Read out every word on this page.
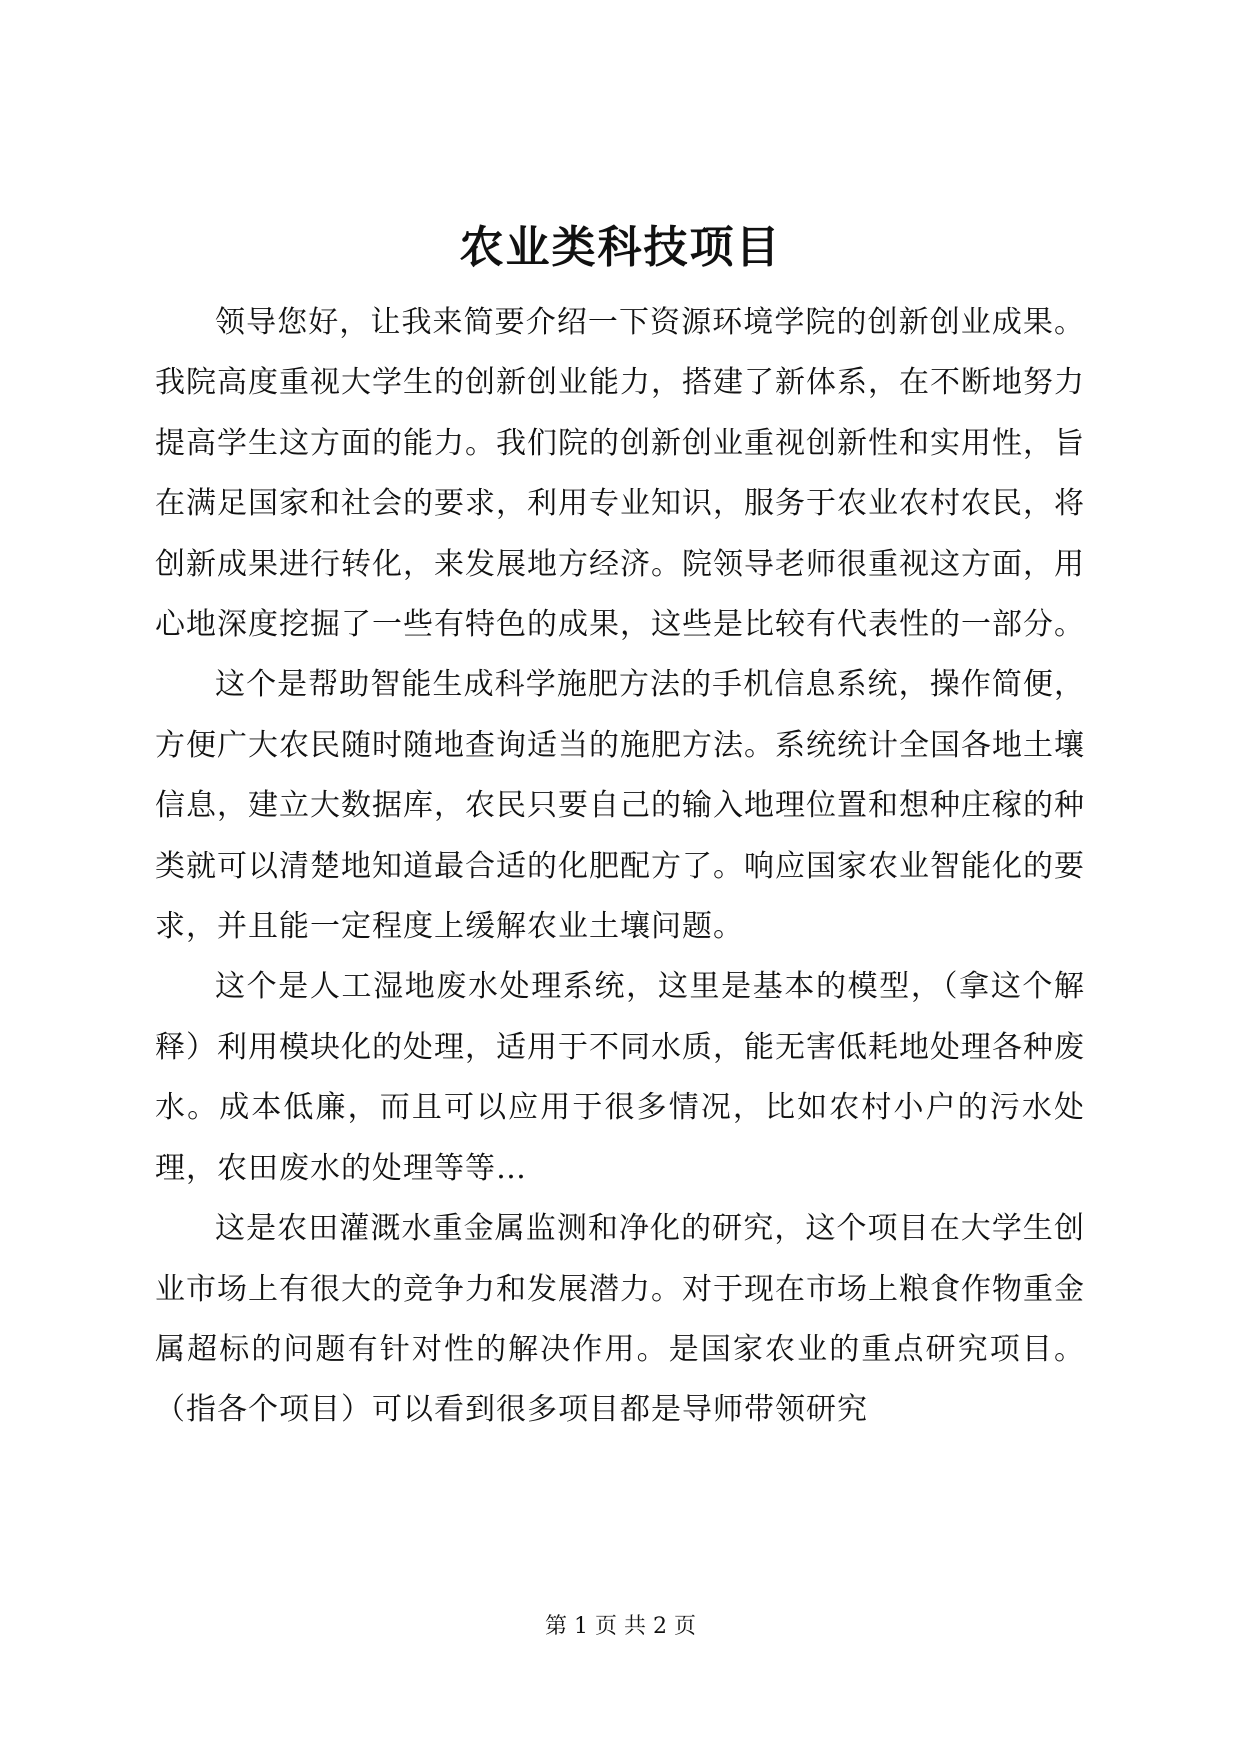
农业类科技项目

领导您好，让我来简要介绍一下资源环境学院的创新创业成果。我院高度重视大学生的创新创业能力，搭建了新体系，在不断地努力提高学生这方面的能力。我们院的创新创业重视创新性和实用性，旨在满足国家和社会的要求，利用专业知识，服务于农业农村农民，将创新成果进行转化，来发展地方经济。院领导老师很重视这方面，用心地深度挖掘了一些有特色的成果，这些是比较有代表性的一部分。

这个是帮助智能生成科学施肥方法的手机信息系统，操作简便，方便广大农民随时随地查询适当的施肥方法。系统统计全国各地土壤信息，建立大数据库，农民只要自己的输入地理位置和想种庄稼的种类就可以清楚地知道最合适的化肥配方了。响应国家农业智能化的要求，并且能一定程度上缓解农业土壤问题。

这个是人工湿地废水处理系统，这里是基本的模型，（拿这个解释）利用模块化的处理，适用于不同水质，能无害低耗地处理各种废水。成本低廉，而且可以应用于很多情况，比如农村小户的污水处理，农田废水的处理等等…

这是农田灌溉水重金属监测和净化的研究，这个项目在大学生创业市场上有很大的竞争力和发展潜力。对于现在市场上粮食作物重金属超标的问题有针对性的解决作用。是国家农业的重点研究项目。（指各个项目）可以看到很多项目都是导师带领研究

第 1 页 共 2 页
